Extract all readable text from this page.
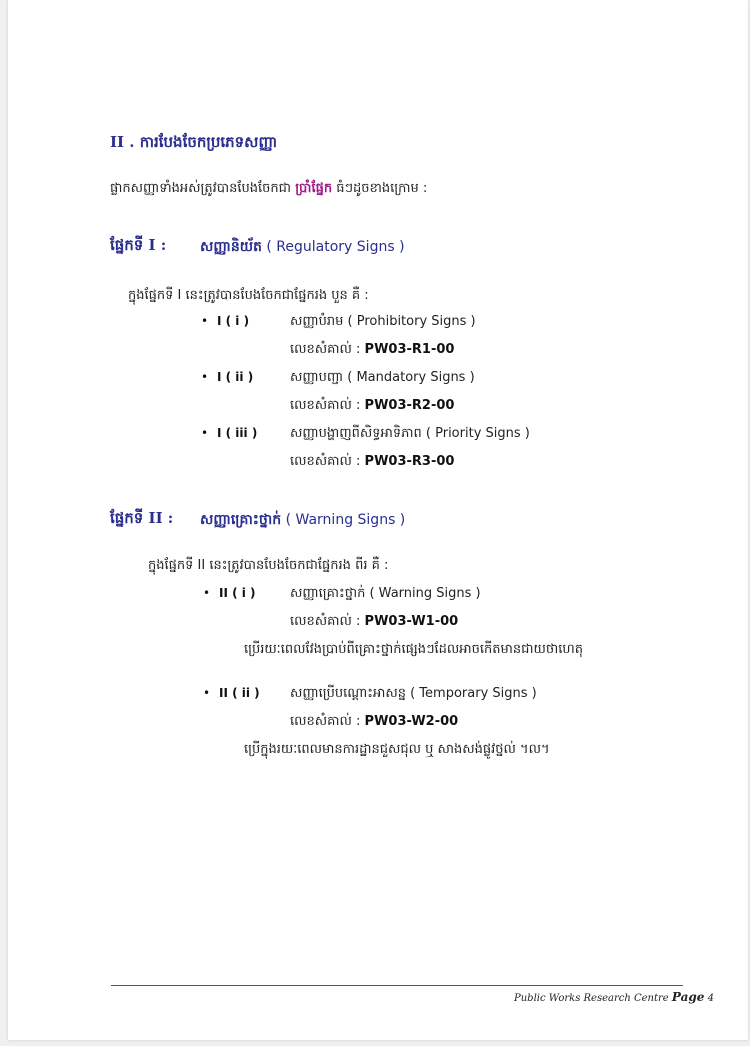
II . ការបែងចែកប្រភេទសញ្ញា
ផ្លាកសញ្ញាទាំងអស់ត្រូវបានបែងចែកជា ប្រាំផ្នែក ធំៗដូចខាងក្រោម :
ផ្នែកទី I : សញ្ញានិយ័ត ( Regulatory Signs )
ក្នុងផ្នែកទី I នេះត្រូវបានបែងចែកជាផ្នែករង បួន គឺ :
• I ( i )	សញ្ញាបំរាម ( Prohibitory Signs )
លេខសំគាល់ : PW03-R1-00
• I ( ii )	សញ្ញាបញ្ជា ( Mandatory Signs )
លេខសំគាល់ : PW03-R2-00
• I ( iii )	សញ្ញាបង្ហាញពីសិទ្ធអាទិភាព ( Priority Signs )
លេខសំគាល់ : PW03-R3-00
ផ្នែកទី II : សញ្ញាគ្រោះថ្នាក់ ( Warning Signs )
ក្នុងផ្នែកទី II នេះត្រូវបានបែងចែកជាផ្នែករង ពីរ គឺ :
• II ( i )	សញ្ញាគ្រោះថ្នាក់ ( Warning Signs )
លេខសំគាល់ : PW03-W1-00
ប្រើរយៈពេលវែងប្រាប់ពីគ្រោះថ្នាក់ផ្សេងៗដែលអាចកើតមានជាយថាហេតុ
• II ( ii ) សញ្ញាប្រើបណ្ដោះអាសន្ន ( Temporary Signs )
លេខសំគាល់ : PW03-W2-00
ប្រើក្នុងរយៈពេលមានការដ្ឋានជួសជុល ឬ សាងសង់ផ្លូវថ្នល់ ។ល។
Public Works Research Centre Page 4
